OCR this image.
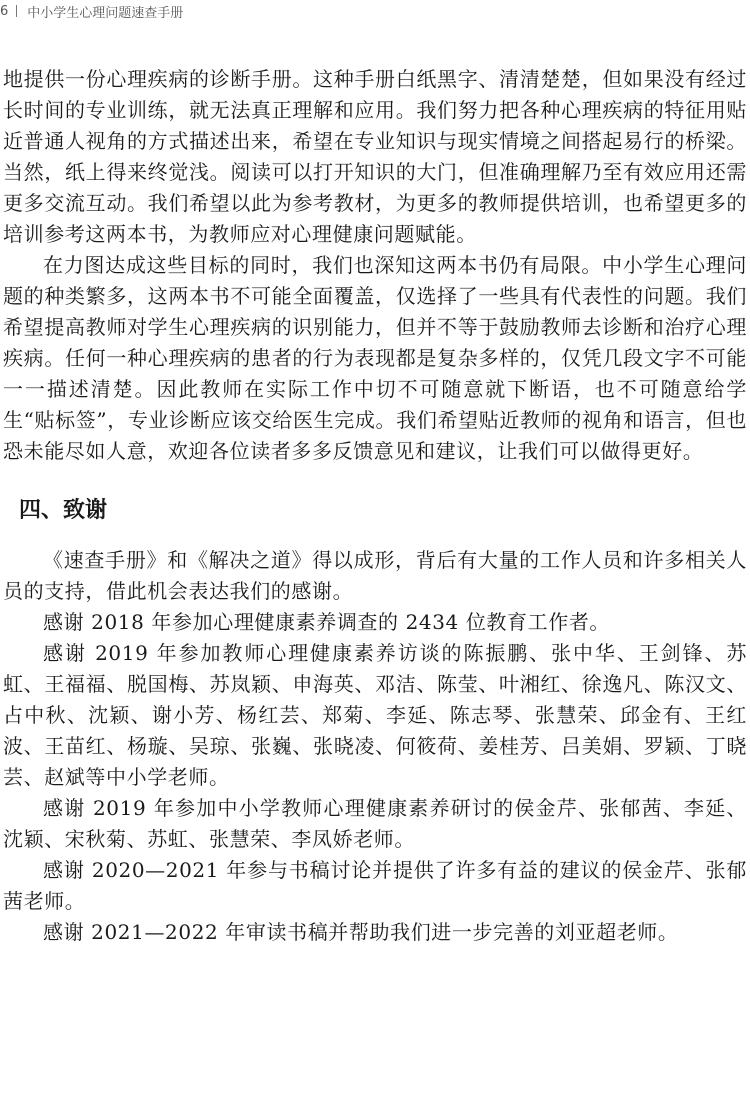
6 中小学生心理问题速查手册

地提供一份心理疾病的诊断手册。这种手册白纸黑字、清清楚楚，但如果没有经过长时间的专业训练，就无法真正理解和应用。我们努力把各种心理疾病的特征用贴近普通人视角的方式描述出来，希望在专业知识与现实情境之间搭起易行的桥梁。当然，纸上得来终觉浅。阅读可以打开知识的大门，但准确理解乃至有效应用还需更多交流互动。我们希望以此为参考教材，为更多的教师提供培训，也希望更多的培训参考这两本书，为教师应对心理健康问题赋能。

在力图达成这些目标的同时，我们也深知这两本书仍有局限。中小学生心理问题的种类繁多，这两本书不可能全面覆盖，仅选择了一些具有代表性的问题。我们希望提高教师对学生心理疾病的识别能力，但并不等于鼓励教师去诊断和治疗心理疾病。任何一种心理疾病的患者的行为表现都是复杂多样的，仅凭几段文字不可能一一描述清楚。因此教师在实际工作中切不可随意就下断语，也不可随意给学生“贴标签”，专业诊断应该交给医生完成。我们希望贴近教师的视角和语言，但也恐未能尽如人意，欢迎各位读者多多反馈意见和建议，让我们可以做得更好。

四、致谢

《速查手册》和《解决之道》得以成形，背后有大量的工作人员和许多相关人员的支持，借此机会表达我们的感谢。

感谢 2018 年参加心理健康素养调查的 2434 位教育工作者。

感谢 2019 年参加教师心理健康素养访谈的陈振鹏、张中华、王剑锋、苏虹、王福福、脱国梅、苏岚颖、申海英、邓洁、陈莹、叶湘红、徐逸凡、陈汉文、占中秋、沈颖、谢小芳、杨红芸、郑菊、李延、陈志琴、张慧荣、邱金有、王红波、王苗红、杨璇、吴琼、张巍、张晓凌、何筱荷、姜桂芳、吕美娟、罗颖、丁晓芸、赵斌等中小学老师。

感谢 2019 年参加中小学教师心理健康素养研讨的侯金芹、张郁茜、李延、沈颖、宋秋菊、苏虹、张慧荣、李凤娇老师。

感谢 2020—2021 年参与书稿讨论并提供了许多有益的建议的侯金芹、张郁茜老师。

感谢 2021—2022 年审读书稿并帮助我们进一步完善的刘亚超老师。
